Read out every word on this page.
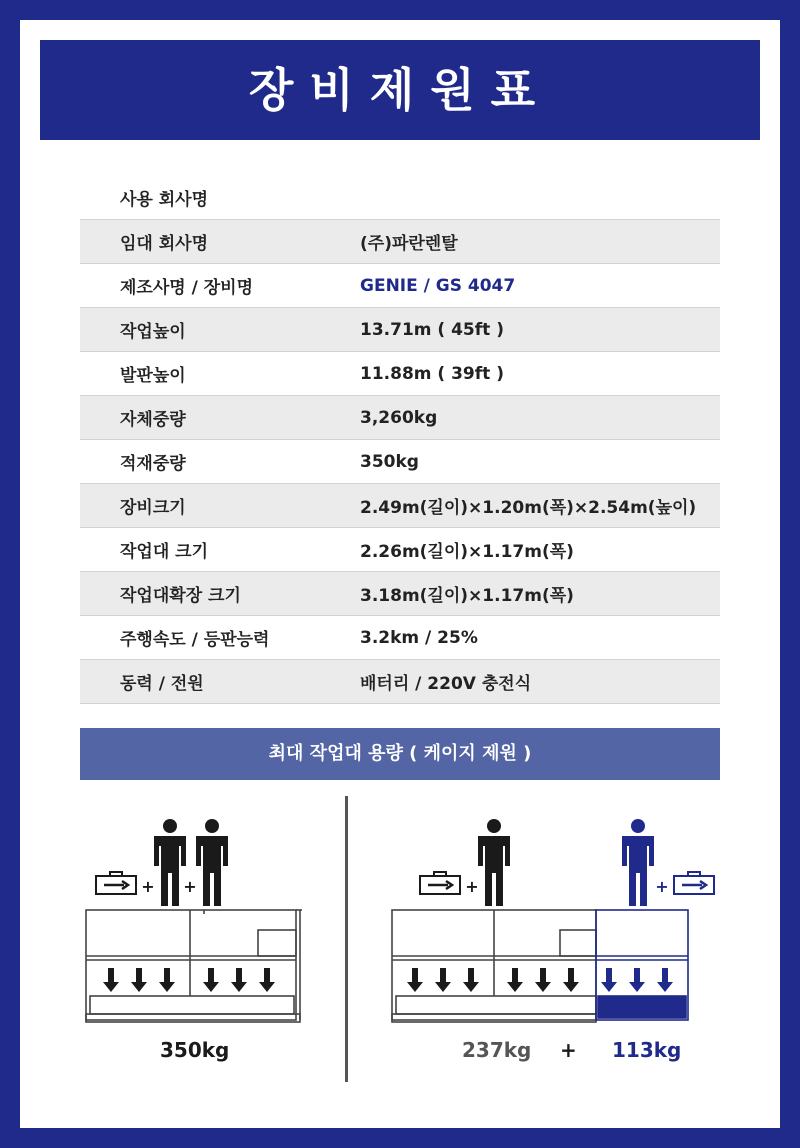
장비제원표
사용 회사명
임대 회사명	(주)파란렌탈
제조사명 / 장비명	GENIE / GS 4047
작업높이	13.71m ( 45ft )
발판높이	11.88m ( 39ft )
자체중량	3,260kg
적재중량	350kg
장비크기	2.49m(길이)×1.20m(폭)×2.54m(높이)
작업대 크기	2.26m(길이)×1.17m(폭)
작업대확장 크기	3.18m(길이)×1.17m(폭)
주행속도 / 등판능력	3.2km / 25%
동력 / 전원	배터리 / 220V 충전식
최대 작업대 용량 ( 케이지 제원 )
+ +	+	+
350kg	237kg + 113kg
